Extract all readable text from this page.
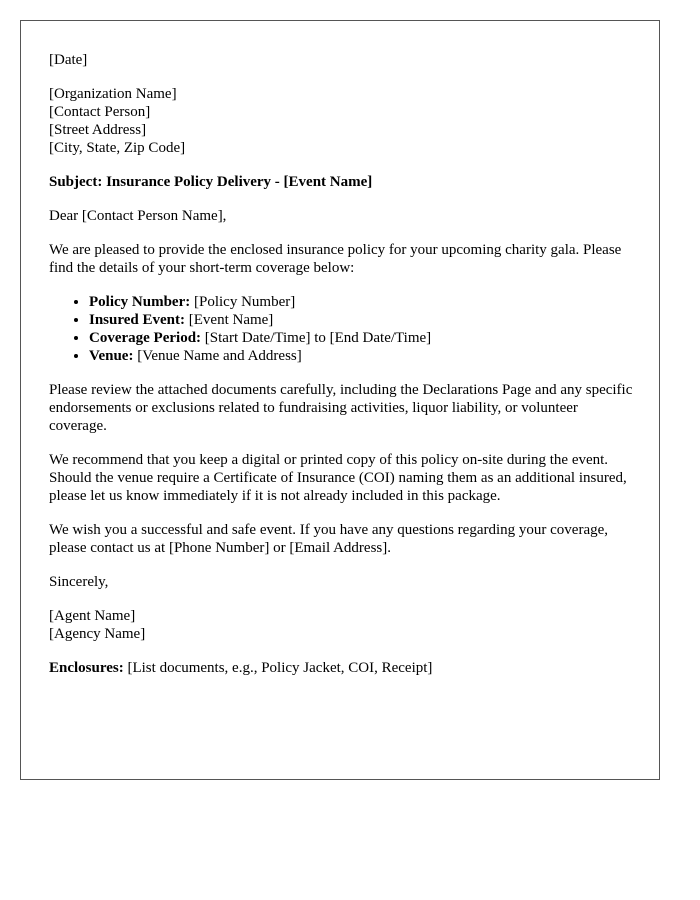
[Date]

[Organization Name]
[Contact Person]
[Street Address]
[City, State, Zip Code]

Subject: Insurance Policy Delivery - [Event Name]

Dear [Contact Person Name],

We are pleased to provide the enclosed insurance policy for your upcoming charity gala. Please find the details of your short-term coverage below:

• Policy Number: [Policy Number]
• Insured Event: [Event Name]
• Coverage Period: [Start Date/Time] to [End Date/Time]
• Venue: [Venue Name and Address]

Please review the attached documents carefully, including the Declarations Page and any specific endorsements or exclusions related to fundraising activities, liquor liability, or volunteer coverage.

We recommend that you keep a digital or printed copy of this policy on-site during the event. Should the venue require a Certificate of Insurance (COI) naming them as an additional insured, please let us know immediately if it is not already included in this package.

We wish you a successful and safe event. If you have any questions regarding your coverage, please contact us at [Phone Number] or [Email Address].

Sincerely,

[Agent Name]
[Agency Name]

Enclosures: [List documents, e.g., Policy Jacket, COI, Receipt]
